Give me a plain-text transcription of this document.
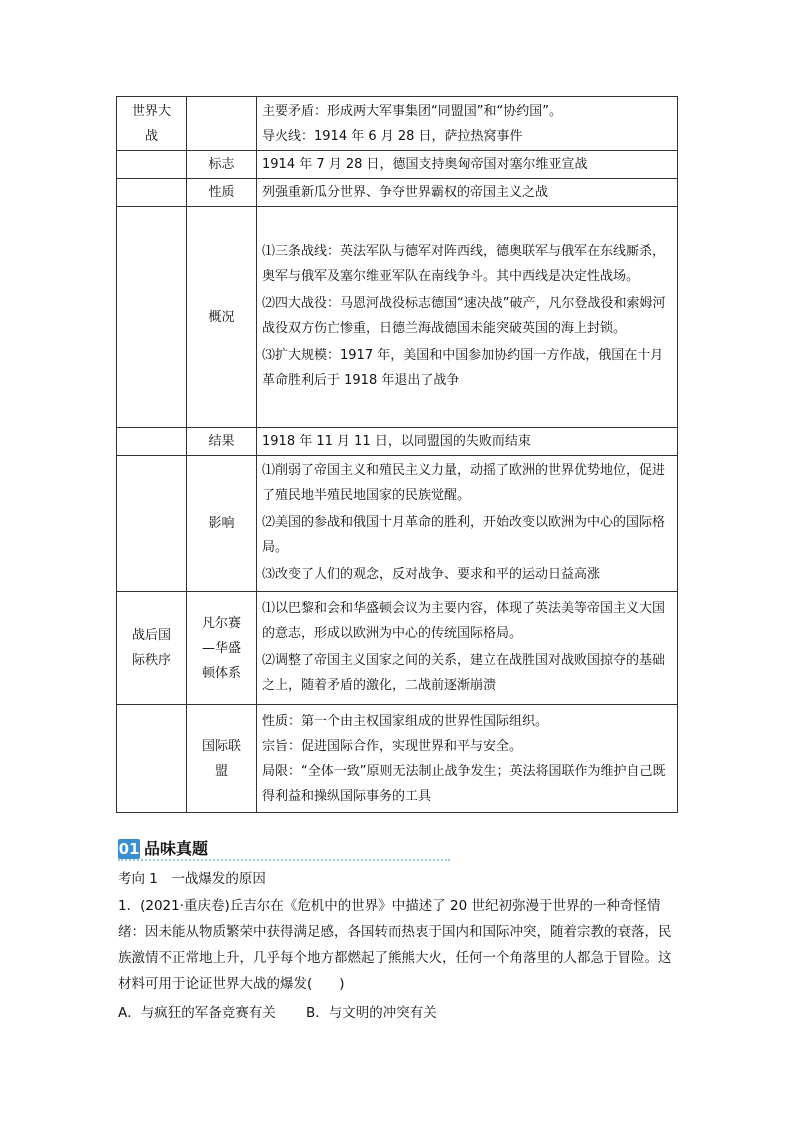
世界大战		主要矛盾：形成两大军事集团“同盟国”和“协约国”。
导火线：1914 年 6 月 28 日，萨拉热窝事件

	标志	1914 年 7 月 28 日，德国支持奥匈帝国对塞尔维亚宣战
	性质	列强重新瓜分世界、争夺世界霸权的帝国主义之战
	概况	⑴三条战线：英法军队与德军对阵西线，德奥联军与俄军在东线厮杀，奥军与俄军及塞尔维亚军队在南线争斗。其中西线是决定性战场。
⑵四大战役：马恩河战役标志德国“速决战”破产，凡尔登战役和索姆河战役双方伤亡惨重，日德兰海战德国未能突破英国的海上封锁。
⑶扩大规模：1917 年，美国和中国参加协约国一方作战，俄国在十月革命胜利后于 1918 年退出了战争

	结果	1918 年 11 月 11 日，以同盟国的失败而结束
	影响	⑴削弱了帝国主义和殖民主义力量，动摇了欧洲的世界优势地位，促进了殖民地半殖民地国家的民族觉醒。
⑵美国的参战和俄国十月革命的胜利，开始改变以欧洲为中心的国际格局。
⑶改变了人们的观念，反对战争、要求和平的运动日益高涨

战后国际秩序	凡尔赛—华盛顿体系	⑴以巴黎和会和华盛顿会议为主要内容，体现了英法美等帝国主义大国的意志，形成以欧洲为中心的传统国际格局。
⑵调整了帝国主义国家之间的关系，建立在战胜国对战败国掠夺的基础之上，随着矛盾的激化，二战前逐渐崩溃

	国际联盟	性质：第一个由主权国家组成的世界性国际组织。
宗旨：促进国际合作，实现世界和平与安全。
局限：“全体一致”原则无法制止战争发生；英法将国联作为维护自己既得利益和操纵国际事务的工具
01 品味真题
考向 1　一战爆发的原因
1．(2021·重庆卷)丘吉尔在《危机中的世界》中描述了 20 世纪初弥漫于世界的一种奇怪情绪：因未能从物质繁荣中获得满足感，各国转而热衷于国内和国际冲突，随着宗教的衰落，民族激情不正常地上升，几乎每个地方都燃起了熊熊大火，任何一个角落里的人都急于冒险。这材料可用于论证世界大战的爆发(　　)
A．与疯狂的军备竞赛有关 B．与文明的冲突有关
